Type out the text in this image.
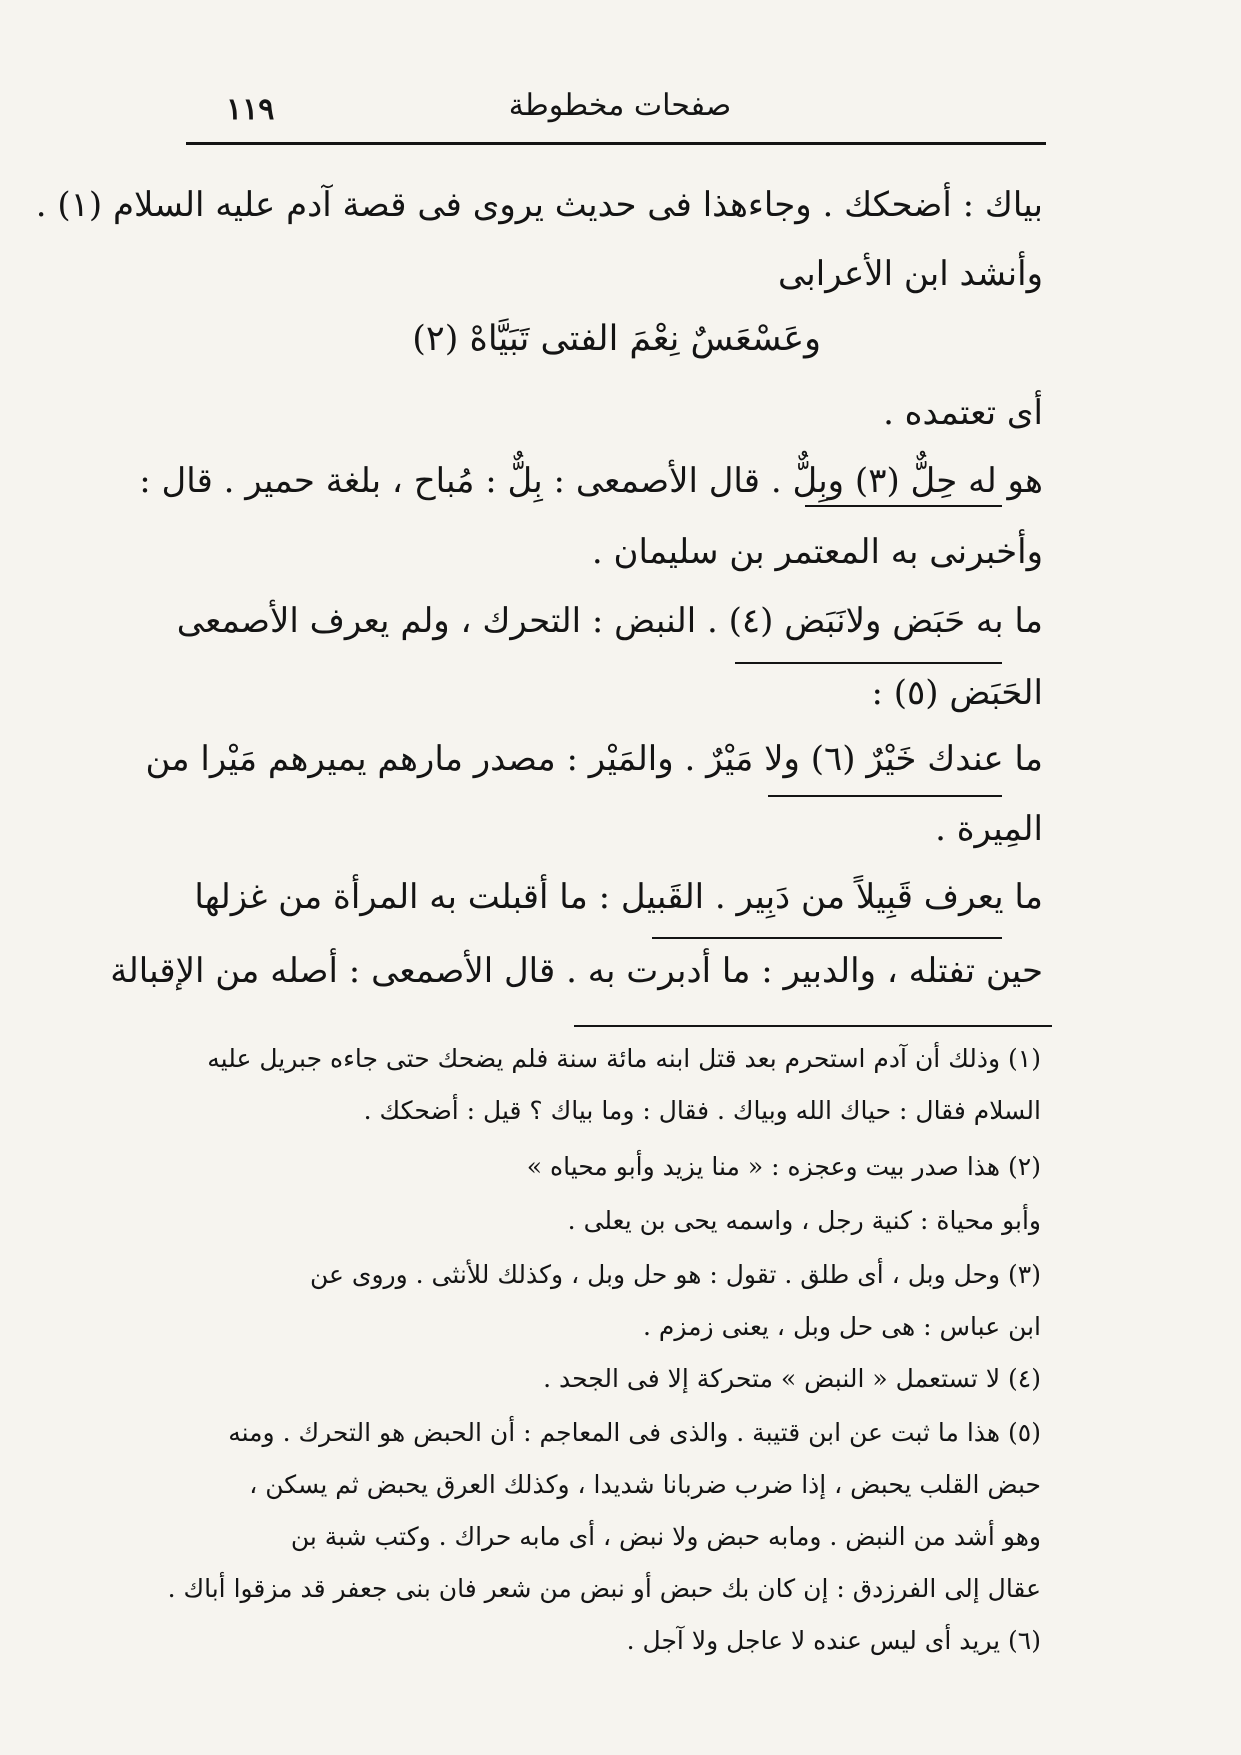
١١٩	صفحات مخطوطة
بياك : أضحكك . وجاءهذا فى حديث يروى فى قصة آدم عليه السلام (١) .
وأنشد ابن الأعرابى
وعَسْعَسٌ نِعْمَ الفتى تَبَيَّاهْ (٢)
أى تعتمده .
هو له حِلٌّ (٣) وبِلٌّ . قال الأصمعى : بِلٌّ : مُباح ، بلغة حمير . قال :
وأخبرنى به المعتمر بن سليمان .
ما به حَبَض ولانَبَض (٤) . النبض : التحرك ، ولم يعرف الأصمعى
الحَبَض (٥) :
ما عندك خَيْرٌ (٦) ولا مَيْرٌ . والمَيْر : مصدر مارهم يميرهم مَيْرا من
المِيرة .
ما يعرف قَبِيلاً من دَبِير . القَبيل : ما أقبلت به المرأة من غزلها
حين تفتله ، والدبير : ما أدبرت به . قال الأصمعى : أصله من الإقبالة
(١) وذلك أن آدم استحرم بعد قتل ابنه مائة سنة فلم يضحك حتى جاءه جبريل عليه
السلام فقال : حياك الله وبياك . فقال : وما بياك ؟ قيل : أضحكك .
(٢) هذا صدر بيت وعجزه : « منا يزيد وأبو محياه »
وأبو محياة : كنية رجل ، واسمه يحى بن يعلى .
(٣) وحل وبل ، أى طلق . تقول : هو حل وبل ، وكذلك للأنثى . وروى عن
ابن عباس : هى حل وبل ، يعنى زمزم .
(٤) لا تستعمل « النبض » متحركة إلا فى الجحد .
(٥) هذا ما ثبت عن ابن قتيبة . والذى فى المعاجم : أن الحبض هو التحرك . ومنه
حبض القلب يحبض ، إذا ضرب ضربانا شديدا ، وكذلك العرق يحبض ثم يسكن ،
وهو أشد من النبض . ومابه حبض ولا نبض ، أى مابه حراك . وكتب شبة بن
عقال إلى الفرزدق : إن كان بك حبض أو نبض من شعر فان بنى جعفر قد مزقوا أباك .
(٦) يريد أى ليس عنده لا عاجل ولا آجل .
